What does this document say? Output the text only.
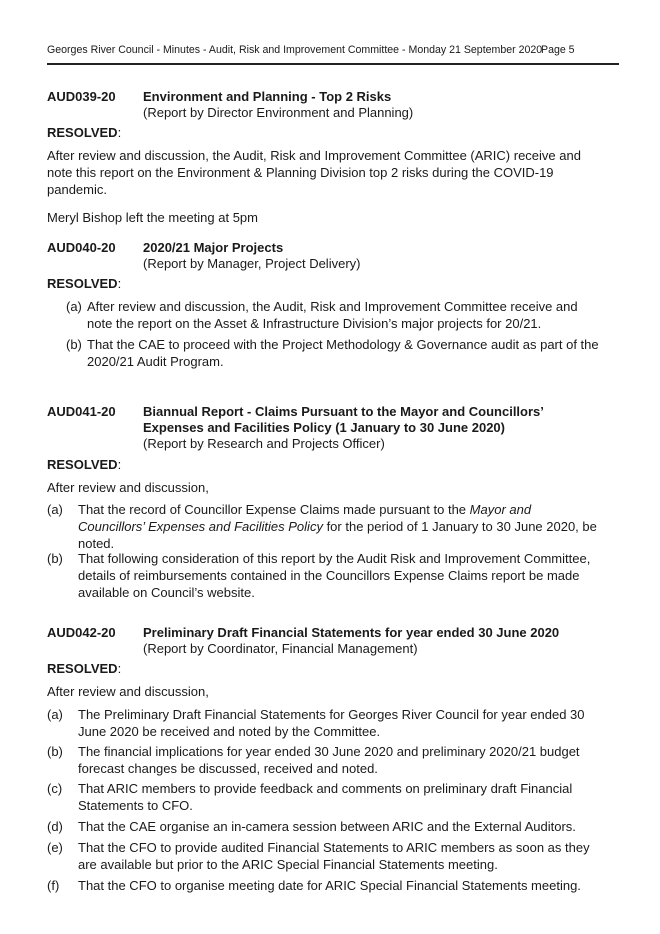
Georges River Council - Minutes - Audit, Risk and Improvement Committee - Monday 21 September 2020
Page 5
AUD039-20 Environment and Planning - Top 2 Risks
(Report by Director Environment and Planning)
RESOLVED:
After review and discussion, the Audit, Risk and Improvement Committee (ARIC) receive and
note this report on the Environment & Planning Division top 2 risks during the COVID-19
pandemic.
Meryl Bishop left the meeting at 5pm
AUD040-20 2020/21 Major Projects
(Report by Manager, Project Delivery)
RESOLVED:
(a) After review and discussion, the Audit, Risk and Improvement Committee receive and
note the report on the Asset & Infrastructure Division’s major projects for 20/21.
(b) That the CAE to proceed with the Project Methodology & Governance audit as part of the
2020/21 Audit Program.
AUD041-20 Biannual Report - Claims Pursuant to the Mayor and Councillors’
Expenses and Facilities Policy (1 January to 30 June 2020)
(Report by Research and Projects Officer)
RESOLVED:
After review and discussion,
(a) That the record of Councillor Expense Claims made pursuant to the Mayor and
Councillors’ Expenses and Facilities Policy for the period of 1 January to 30 June 2020, be
noted.
(b) That following consideration of this report by the Audit Risk and Improvement Committee,
details of reimbursements contained in the Councillors Expense Claims report be made
available on Council’s website.
AUD042-20 Preliminary Draft Financial Statements for year ended 30 June 2020
(Report by Coordinator, Financial Management)
RESOLVED:
After review and discussion,
(a) The Preliminary Draft Financial Statements for Georges River Council for year ended 30
June 2020 be received and noted by the Committee.
(b) The financial implications for year ended 30 June 2020 and preliminary 2020/21 budget
forecast changes be discussed, received and noted.
(c) That ARIC members to provide feedback and comments on preliminary draft Financial
Statements to CFO.
(d) That the CAE organise an in-camera session between ARIC and the External Auditors.
(e) That the CFO to provide audited Financial Statements to ARIC members as soon as they
are available but prior to the ARIC Special Financial Statements meeting.
(f) That the CFO to organise meeting date for ARIC Special Financial Statements meeting.
